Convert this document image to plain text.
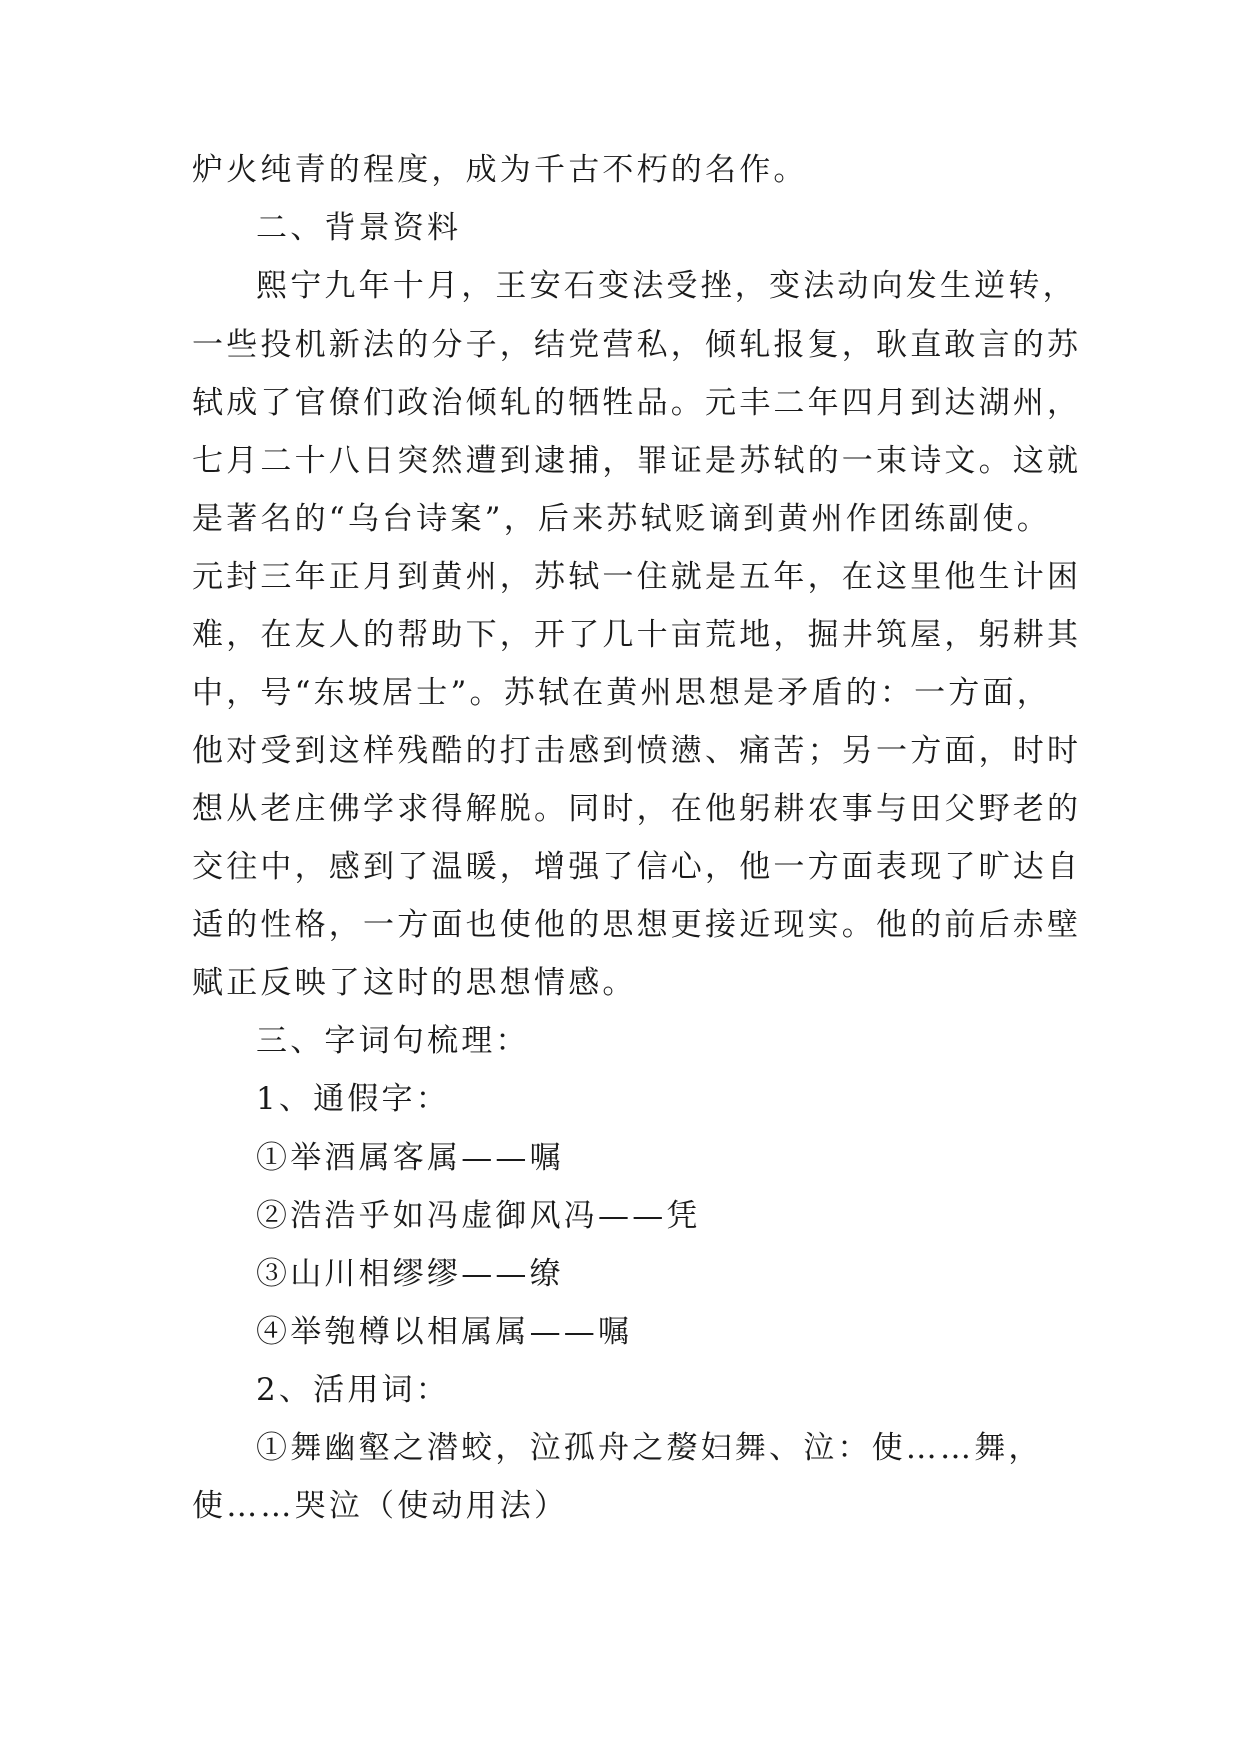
炉火纯青的程度，成为千古不朽的名作。
二、背景资料
熙宁九年十月，王安石变法受挫，变法动向发生逆转，
一些投机新法的分子，结党营私，倾轧报复，耿直敢言的苏
轼成了官僚们政治倾轧的牺牲品。元丰二年四月到达湖州，
七月二十八日突然遭到逮捕，罪证是苏轼的一束诗文。这就
是著名的“乌台诗案”，后来苏轼贬谪到黄州作团练副使。
元封三年正月到黄州，苏轼一住就是五年，在这里他生计困
难，在友人的帮助下，开了几十亩荒地，掘井筑屋，躬耕其
中，号“东坡居士”。苏轼在黄州思想是矛盾的：一方面，
他对受到这样残酷的打击感到愤懑、痛苦；另一方面，时时
想从老庄佛学求得解脱。同时，在他躬耕农事与田父野老的
交往中，感到了温暖，增强了信心，他一方面表现了旷达自
适的性格，一方面也使他的思想更接近现实。他的前后赤壁
赋正反映了这时的思想情感。
三、字词句梳理：
1、通假字：
①举酒属客属——嘱
②浩浩乎如冯虚御风冯——凭
③山川相缪缪——缭
④举匏樽以相属属——嘱
2、活用词：
①舞幽壑之潜蛟，泣孤舟之嫠妇舞、泣：使……舞，
使……哭泣（使动用法）
